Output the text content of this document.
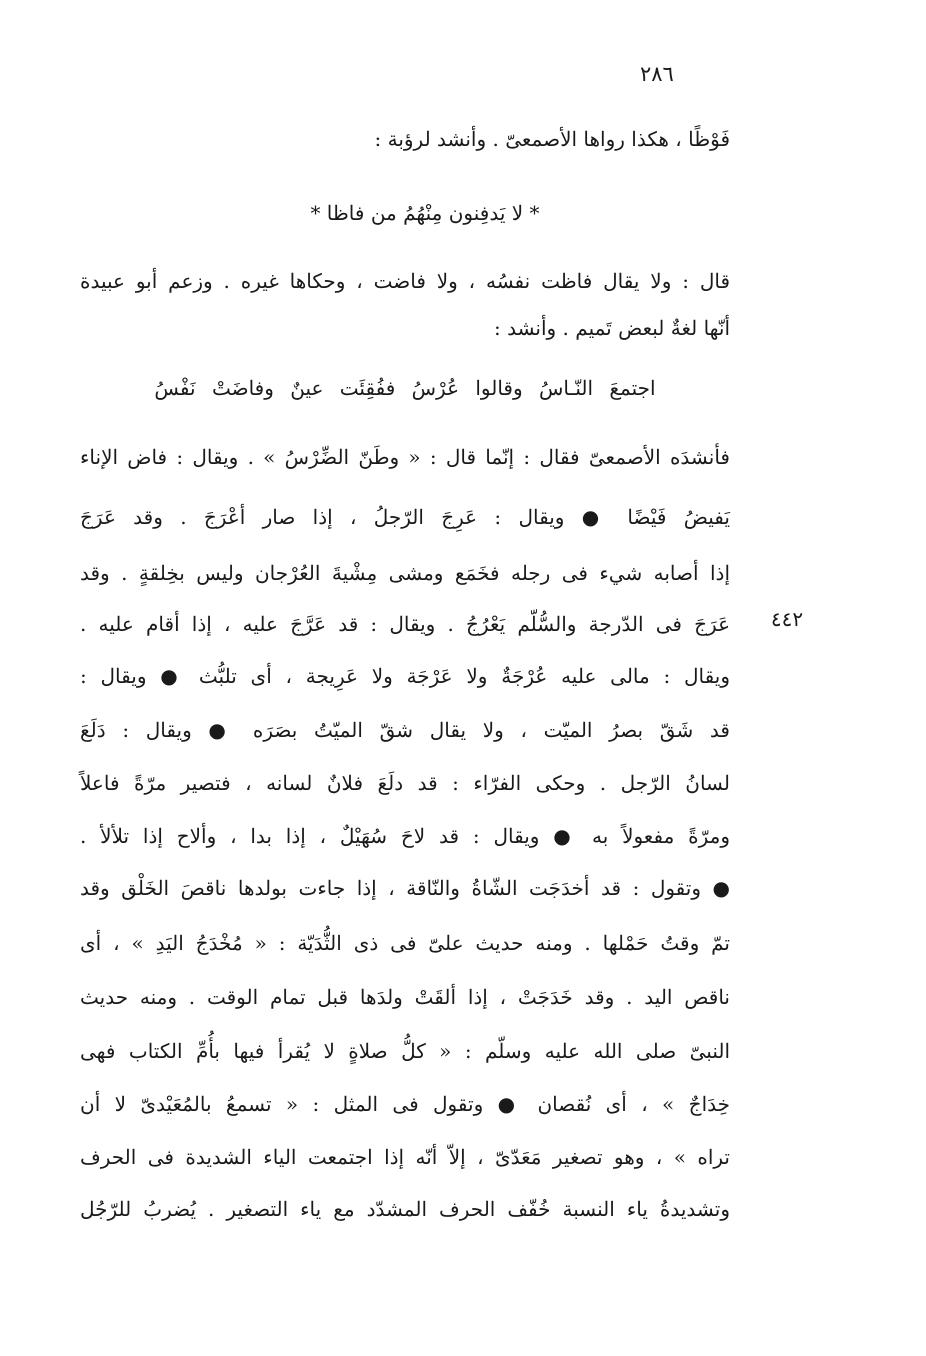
٢٨٦
فَوْظًا ، هكذا رواها الأصمعىّ . وأنشد لرؤبة :
* لا يَدفِنون مِنْهُمُ من فاظا *
قال : ولا يقال فاظت نفسُه ، ولا فاضت ، وحكاها غيره . وزعم أبو عبيدة
أنّها لغةٌ لبعض تَميم . وأنشد :
اجتمعَ النّـاسُ وقالوا عُرْسُ ففُقِئَت عينٌ وفاضَتْ نَفْسُ
فأنشدَه الأصمعىّ فقال : إنّما قال : « وطَنّ الضِّرْسُ » . ويقال : فاض الإناء
يَفيضُ فَيْضًا ● ويقال : عَرِجَ الرّجلُ ، إذا صار أعْرَجَ . وقد عَرَجَ
إذا أصابه شيء فى رجله فخَمَع ومشى مِشْيةَ العُرْجان وليس بخِلقةٍ . وقد
عَرَجَ فى الدّرجة والسُّلّم يَعْرُجُ . ويقال : قد عَرَّجَ عليه ، إذا أقام عليه .	٤٤٢
ويقال : مالى عليه عُرْجَةٌ ولا عَرْجَة ولا عَرِيجة ، أى تلبُّث ● ويقال :
قد شَقّ بصرُ الميّت ، ولا يقال شقّ الميّتُ بصَرَه ● ويقال : دَلَعَ
لسانُ الرّجل . وحكى الفرّاء : قد دلَعَ فلانٌ لسانه ، فتصير مرّةً فاعلاً
ومرّةً مفعولاً به ● ويقال : قد لاحَ سُهَيْلٌ ، إذا بدا ، وألاح إذا تلألأ .
● وتقول : قد أخدَجَت الشّاةُ والنّاقة ، إذا جاءت بولدها ناقصَ الخَلْق وقد
تمّ وقتُ حَمْلها . ومنه حديث علىّ فى ذى الثُّدَيّة : « مُخْدَجُ اليَدِ » ، أى
ناقص اليد . وقد خَدَجَتْ ، إذا ألقَتْ ولدَها قبل تمام الوقت . ومنه حديث
النبىّ صلى الله عليه وسلّم : « كلُّ صلاةٍ لا يُقرأ فيها بأُمِّ الكتاب فهى
خِدَاجٌ » ، أى نُقصان ● وتقول فى المثل : « تسمعُ بالمُعَيْدىّ لا أن
تراه » ، وهو تصغير مَعَدّىّ ، إلاّ أنّه إذا اجتمعت الياء الشديدة فى الحرف
وتشديدةُ ياء النسبة خُفّف الحرف المشدّد مع ياء التصغير . يُضربُ للرّجُل
